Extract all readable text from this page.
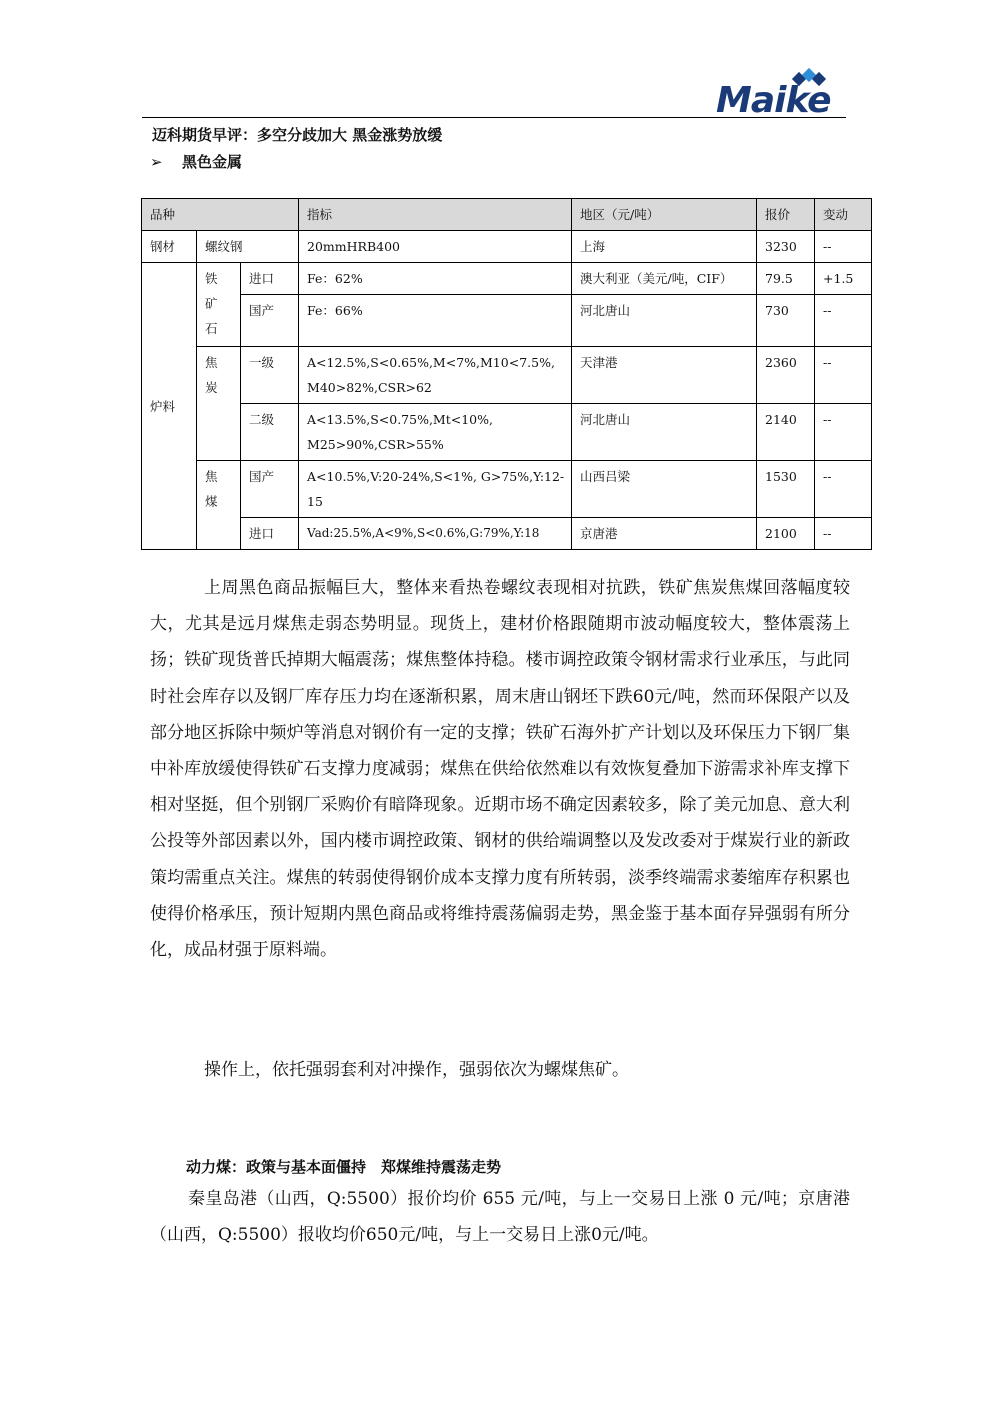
Maike
迈科期货早评：多空分歧加大 黑金涨势放缓
➢ 黑色金属
品种			指标	地区（元/吨）	报价	变动
钢材	螺纹钢		20mmHRB400	上海	3230	--
炉料	铁
矿
石	进口	Fe：62%	澳大利亚（美元/吨，CIF）	79.5	+1.5
		国产	Fe：66%	河北唐山	730	--

	焦
炭	一级	A<12.5%,S<0.65%,M<7%,M10<7.5%,M40>82%,CSR>62	天津港	2360	--
		二级	A<13.5%,S<0.75%,Mt<10%, M25>90%,CSR>55%	河北唐山	2140	--

	焦
煤	国产	A<10.5%,V:20-24%,S<1%, G>75%,Y:12-15	山西吕梁	1530	--
		进口	Vad:25.5%,A<9%,S<0.6%,G:79%,Y:18	京唐港	2100	--

上周黑色商品振幅巨大，整体来看热卷螺纹表现相对抗跌，铁矿焦炭焦煤回落幅度较大，尤其是远月煤焦走弱态势明显。现货上，建材价格跟随期市波动幅度较大，整体震荡上扬；铁矿现货普氏掉期大幅震荡；煤焦整体持稳。楼市调控政策令钢材需求行业承压，与此同时社会库存以及钢厂库存压力均在逐渐积累，周末唐山钢坯下跌60元/吨，然而环保限产以及部分地区拆除中频炉等消息对钢价有一定的支撑；铁矿石海外扩产计划以及环保压力下钢厂集中补库放缓使得铁矿石支撑力度减弱；煤焦在供给依然难以有效恢复叠加下游需求补库支撑下相对坚挺，但个别钢厂采购价有暗降现象。近期市场不确定因素较多，除了美元加息、意大利公投等外部因素以外，国内楼市调控政策、钢材的供给端调整以及发改委对于煤炭行业的新政策均需重点关注。煤焦的转弱使得钢价成本支撑力度有所转弱，淡季终端需求萎缩库存积累也使得价格承压，预计短期内黑色商品或将维持震荡偏弱走势，黑金鉴于基本面存异强弱有所分化，成品材强于原料端。

操作上，依托强弱套利对冲操作，强弱依次为螺煤焦矿。

动力煤：政策与基本面僵持　郑煤维持震荡走势

秦皇岛港（山西，Q:5500）报价均价 655 元/吨，与上一交易日上涨 0 元/吨；京唐港（山西，Q:5500）报收均价650元/吨，与上一交易日上涨0元/吨。
